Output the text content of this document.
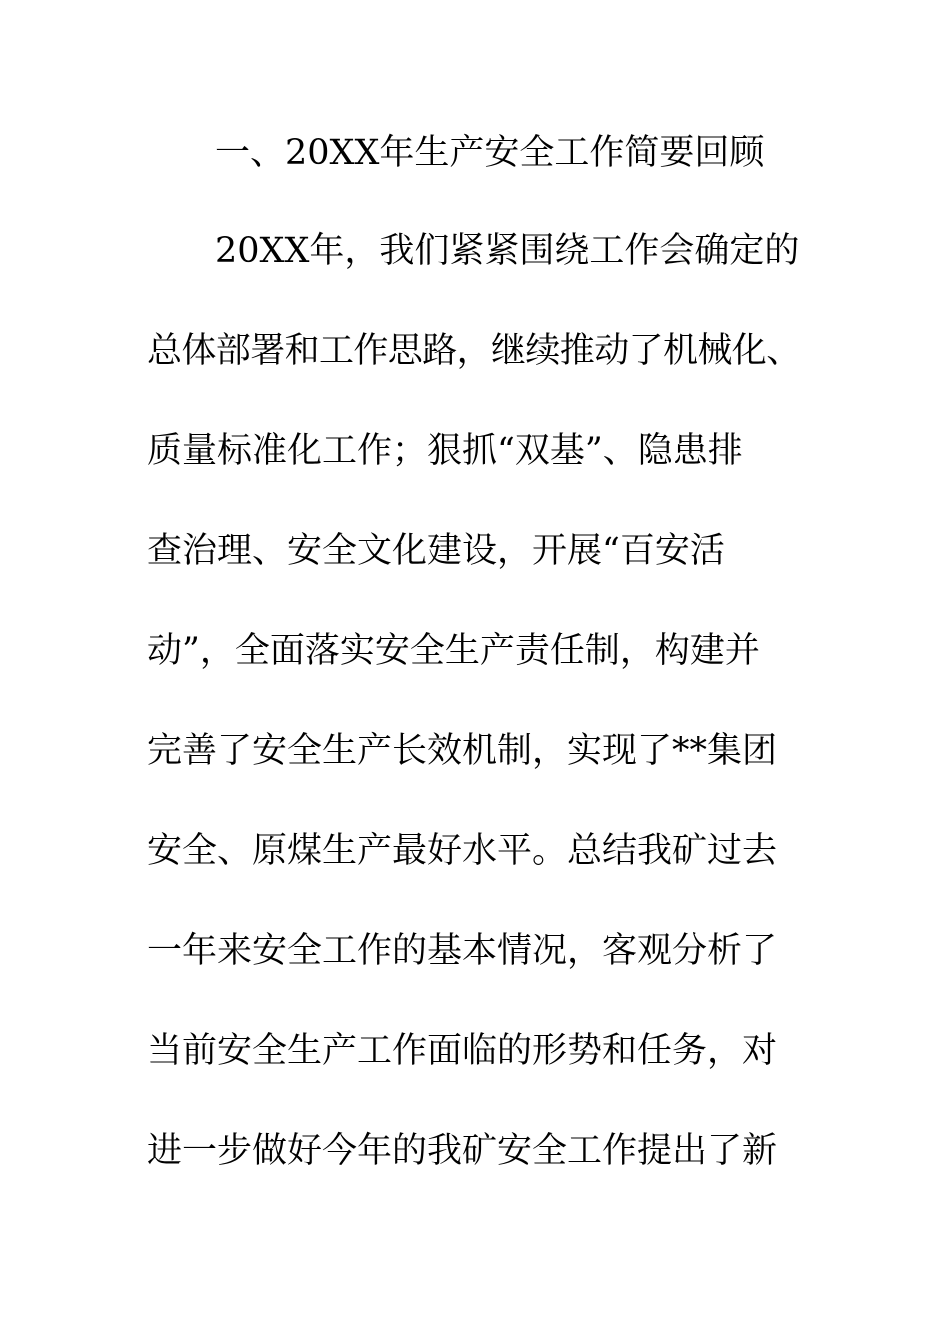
一、20XX年生产安全工作简要回顾
20XX年，我们紧紧围绕工作会确定的
总体部署和工作思路，继续推动了机械化、
质量标准化工作；狠抓“双基”、隐患排
查治理、安全文化建设，开展“百安活
动”，全面落实安全生产责任制，构建并
完善了安全生产长效机制，实现了**集团
安全、原煤生产最好水平。总结我矿过去
一年来安全工作的基本情况，客观分析了
当前安全生产工作面临的形势和任务，对
进一步做好今年的我矿安全工作提出了新
